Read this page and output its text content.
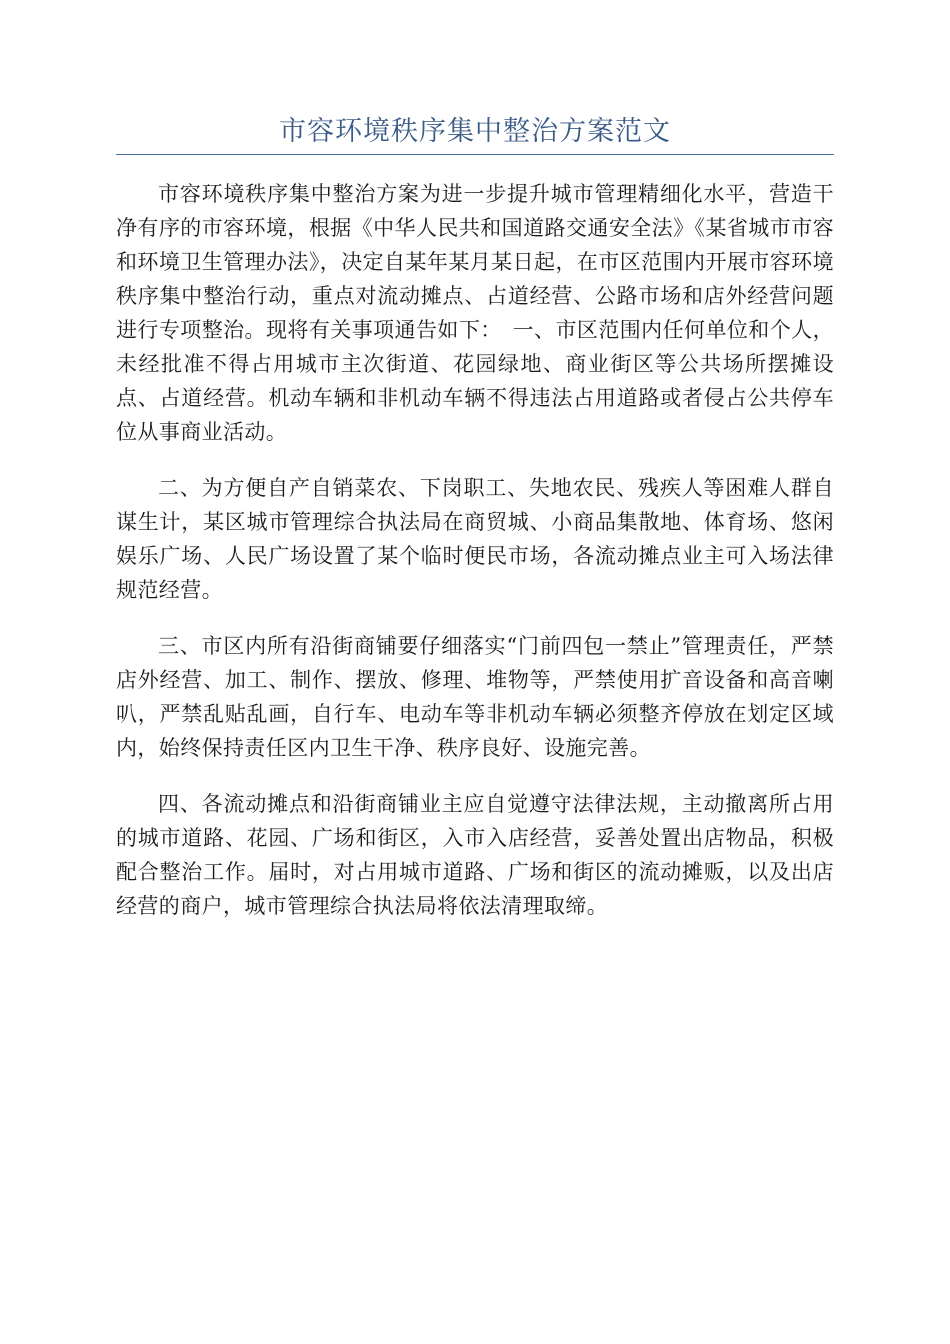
市容环境秩序集中整治方案范文

市容环境秩序集中整治方案为进一步提升城市管理精细化水平，营造干净有序的市容环境，根据《中华人民共和国道路交通安全法》《某省城市市容和环境卫生管理办法》，决定自某年某月某日起，在市区范围内开展市容环境秩序集中整治行动，重点对流动摊点、占道经营、公路市场和店外经营问题进行专项整治。现将有关事项通告如下：　一、市区范围内任何单位和个人，未经批准不得占用城市主次街道、花园绿地、商业街区等公共场所摆摊设点、占道经营。机动车辆和非机动车辆不得违法占用道路或者侵占公共停车位从事商业活动。

二、为方便自产自销菜农、下岗职工、失地农民、残疾人等困难人群自谋生计，某区城市管理综合执法局在商贸城、小商品集散地、体育场、悠闲娱乐广场、人民广场设置了某个临时便民市场，各流动摊点业主可入场法律规范经营。

三、市区内所有沿街商铺要仔细落实“门前四包一禁止”管理责任，严禁店外经营、加工、制作、摆放、修理、堆物等，严禁使用扩音设备和高音喇叭，严禁乱贴乱画，自行车、电动车等非机动车辆必须整齐停放在划定区域内，始终保持责任区内卫生干净、秩序良好、设施完善。

四、各流动摊点和沿街商铺业主应自觉遵守法律法规，主动撤离所占用的城市道路、花园、广场和街区，入市入店经营，妥善处置出店物品，积极配合整治工作。届时，对占用城市道路、广场和街区的流动摊贩，以及出店经营的商户，城市管理综合执法局将依法清理取缔。
